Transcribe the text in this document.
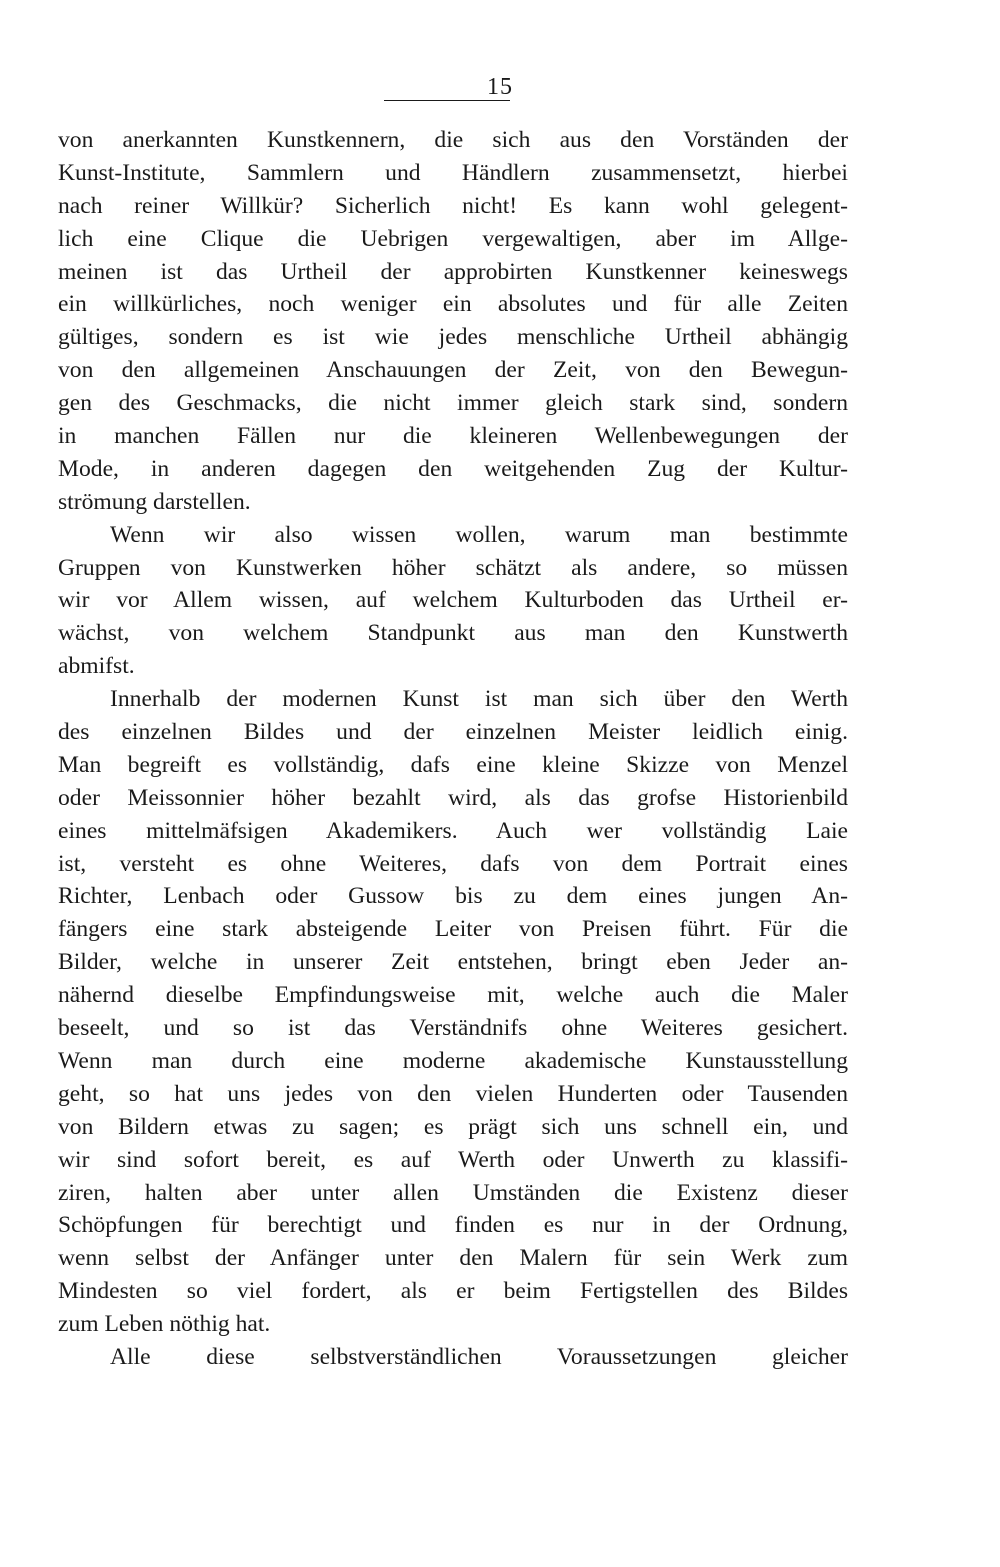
15
von anerkannten Kunstkennern, die sich aus den Vorständen der
Kunst-Institute, Sammlern und Händlern zusammensetzt, hierbei
nach reiner Willkür? Sicherlich nicht! Es kann wohl gelegent-
lich eine Clique die Uebrigen vergewaltigen, aber im Allge-
meinen ist das Urtheil der approbirten Kunstkenner keineswegs
ein willkürliches, noch weniger ein absolutes und für alle Zeiten
gültiges, sondern es ist wie jedes menschliche Urtheil abhängig
von den allgemeinen Anschauungen der Zeit, von den Bewegun-
gen des Geschmacks, die nicht immer gleich stark sind, sondern
in manchen Fällen nur die kleineren Wellenbewegungen der
Mode, in anderen dagegen den weitgehenden Zug der Kultur-
strömung darstellen.
Wenn wir also wissen wollen, warum man bestimmte
Gruppen von Kunstwerken höher schätzt als andere, so müssen
wir vor Allem wissen, auf welchem Kulturboden das Urtheil er-
wächst, von welchem Standpunkt aus man den Kunstwerth
abmifst.
Innerhalb der modernen Kunst ist man sich über den Werth
des einzelnen Bildes und der einzelnen Meister leidlich einig.
Man begreift es vollständig, dafs eine kleine Skizze von Menzel
oder Meissonnier höher bezahlt wird, als das grofse Historienbild
eines mittelmäfsigen Akademikers. Auch wer vollständig Laie
ist, versteht es ohne Weiteres, dafs von dem Portrait eines
Richter, Lenbach oder Gussow bis zu dem eines jungen An-
fängers eine stark absteigende Leiter von Preisen führt. Für die
Bilder, welche in unserer Zeit entstehen, bringt eben Jeder an-
nähernd dieselbe Empfindungsweise mit, welche auch die Maler
beseelt, und so ist das Verständnifs ohne Weiteres gesichert.
Wenn man durch eine moderne akademische Kunstausstellung
geht, so hat uns jedes von den vielen Hunderten oder Tausenden
von Bildern etwas zu sagen; es prägt sich uns schnell ein, und
wir sind sofort bereit, es auf Werth oder Unwerth zu klassifi-
ziren, halten aber unter allen Umständen die Existenz dieser
Schöpfungen für berechtigt und finden es nur in der Ordnung,
wenn selbst der Anfänger unter den Malern für sein Werk zum
Mindesten so viel fordert, als er beim Fertigstellen des Bildes
zum Leben nöthig hat.
Alle diese selbstverständlichen Voraussetzungen gleicher
